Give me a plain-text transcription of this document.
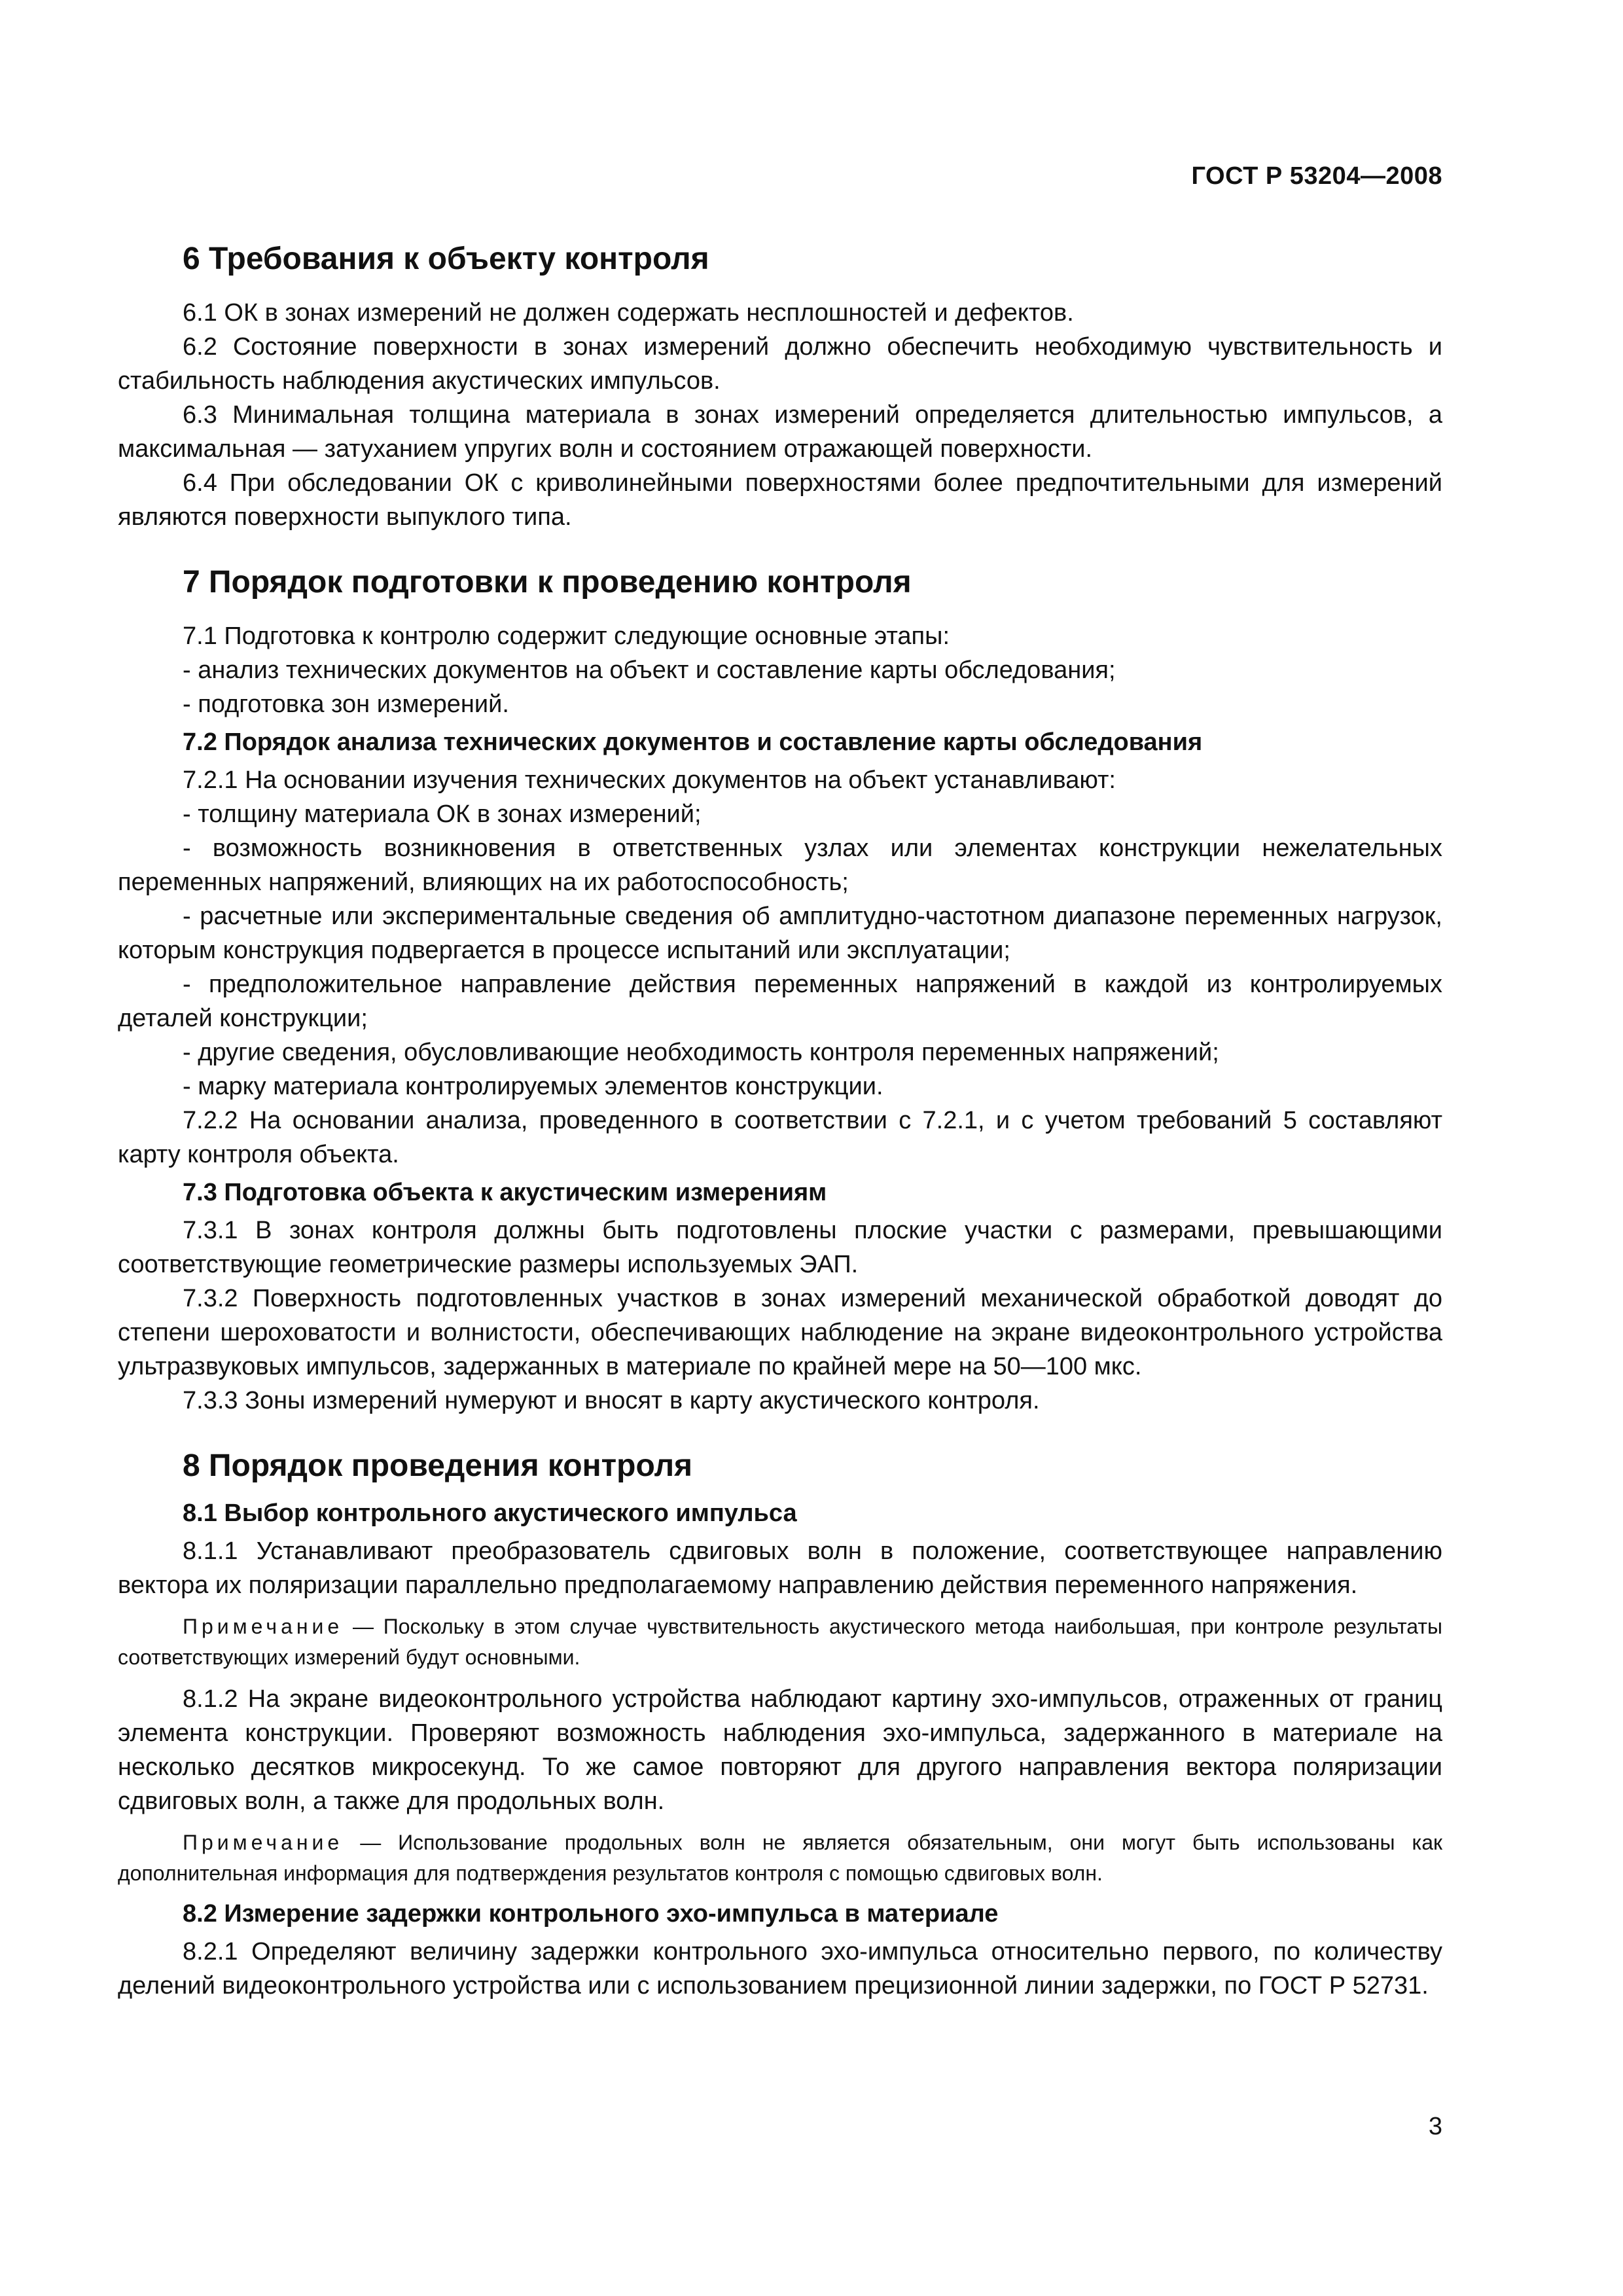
ГОСТ Р 53204—2008
6 Требования к объекту контроля

6.1 ОК в зонах измерений не должен содержать несплошностей и дефектов.

6.2 Состояние поверхности в зонах измерений должно обеспечить необходимую чувствительность и стабильность наблюдения акустических импульсов.

6.3 Минимальная толщина материала в зонах измерений определяется длительностью импульсов, а максимальная — затуханием упругих волн и состоянием отражающей поверхности.

6.4 При обследовании ОК с криволинейными поверхностями более предпочтительными для измерений являются поверхности выпуклого типа.

7 Порядок подготовки к проведению контроля

7.1 Подготовка к контролю содержит следующие основные этапы:

- анализ технических документов на объект и составление карты обследования;

- подготовка зон измерений.

7.2 Порядок анализа технических документов и составление карты обследования

7.2.1 На основании изучения технических документов на объект устанавливают:

- толщину материала ОК в зонах измерений;

- возможность возникновения в ответственных узлах или элементах конструкции нежелательных переменных напряжений, влияющих на их работоспособность;

- расчетные или экспериментальные сведения об амплитудно-частотном диапазоне переменных нагрузок, которым конструкция подвергается в процессе испытаний или эксплуатации;

- предположительное направление действия переменных напряжений в каждой из контролируемых деталей конструкции;

- другие сведения, обусловливающие необходимость контроля переменных напряжений;

- марку материала контролируемых элементов конструкции.

7.2.2 На основании анализа, проведенного в соответствии с 7.2.1, и с учетом требований 5 составляют карту контроля объекта.

7.3 Подготовка объекта к акустическим измерениям

7.3.1 В зонах контроля должны быть подготовлены плоские участки с размерами, превышающими соответствующие геометрические размеры используемых ЭАП.

7.3.2 Поверхность подготовленных участков в зонах измерений механической обработкой доводят до степени шероховатости и волнистости, обеспечивающих наблюдение на экране видеоконтрольного устройства ультразвуковых импульсов, задержанных в материале по крайней мере на 50—100 мкс.

7.3.3 Зоны измерений нумеруют и вносят в карту акустического контроля.

8 Порядок проведения контроля
8.1 Выбор контрольного акустического импульса

8.1.1 Устанавливают преобразователь сдвиговых волн в положение, соответствующее направлению вектора их поляризации параллельно предполагаемому направлению действия переменного напряжения.

Примечание — Поскольку в этом случае чувствительность акустического метода наибольшая, при контроле результаты соответствующих измерений будут основными.

8.1.2 На экране видеоконтрольного устройства наблюдают картину эхо-импульсов, отраженных от границ элемента конструкции. Проверяют возможность наблюдения эхо-импульса, задержанного в материале на несколько десятков микросекунд. То же самое повторяют для другого направления вектора поляризации сдвиговых волн, а также для продольных волн.

Примечание — Использование продольных волн не является обязательным, они могут быть использованы как дополнительная информация для подтверждения результатов контроля с помощью сдвиговых волн.

8.2 Измерение задержки контрольного эхо-импульса в материале

8.2.1 Определяют величину задержки контрольного эхо-импульса относительно первого, по количеству делений видеоконтрольного устройства или с использованием прецизионной линии задержки, по ГОСТ Р 52731.

3
